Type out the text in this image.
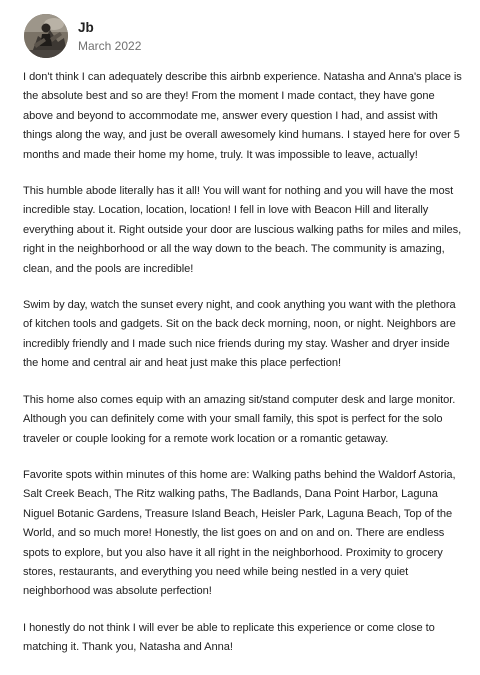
Jb
March 2022

I don't think I can adequately describe this airbnb experience. Natasha and Anna's place is the absolute best and so are they! From the moment I made contact, they have gone above and beyond to accommodate me, answer every question I had, and assist with things along the way, and just be overall awesomely kind humans. I stayed here for over 5 months and made their home my home, truly. It was impossible to leave, actually!

This humble abode literally has it all! You will want for nothing and you will have the most incredible stay. Location, location, location! I fell in love with Beacon Hill and literally everything about it. Right outside your door are luscious walking paths for miles and miles, right in the neighborhood or all the way down to the beach. The community is amazing, clean, and the pools are incredible!

Swim by day, watch the sunset every night, and cook anything you want with the plethora of kitchen tools and gadgets. Sit on the back deck morning, noon, or night. Neighbors are incredibly friendly and I made such nice friends during my stay. Washer and dryer inside the home and central air and heat just make this place perfection!

This home also comes equip with an amazing sit/stand computer desk and large monitor. Although you can definitely come with your small family, this spot is perfect for the solo traveler or couple looking for a remote work location or a romantic getaway.

Favorite spots within minutes of this home are: Walking paths behind the Waldorf Astoria, Salt Creek Beach, The Ritz walking paths, The Badlands, Dana Point Harbor, Laguna Niguel Botanic Gardens, Treasure Island Beach, Heisler Park, Laguna Beach, Top of the World, and so much more! Honestly, the list goes on and on and on. There are endless spots to explore, but you also have it all right in the neighborhood. Proximity to grocery stores, restaurants, and everything you need while being nestled in a very quiet neighborhood was absolute perfection!

I honestly do not think I will ever be able to replicate this experience or come close to matching it. Thank you, Natasha and Anna!
